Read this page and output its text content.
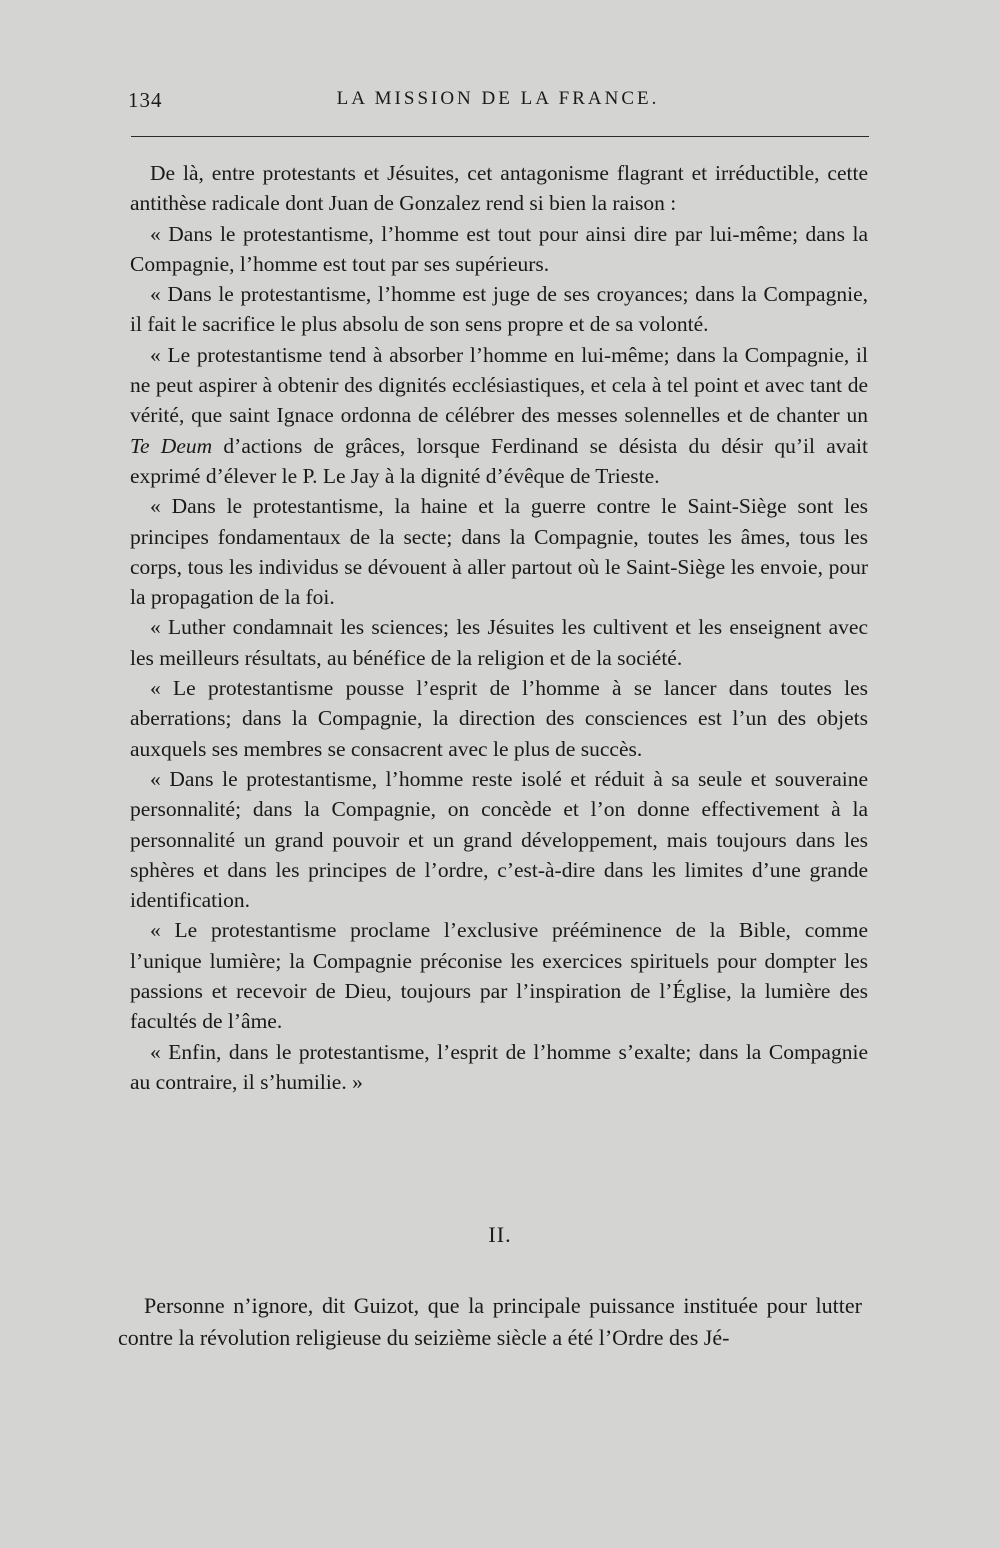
134	LA MISSION DE LA FRANCE.

De là, entre protestants et Jésuites, cet antagonisme flagrant et irréductible, cette antithèse radicale dont Juan de Gonzalez rend si bien la raison :

« Dans le protestantisme, l’homme est tout pour ainsi dire par lui-même; dans la Compagnie, l’homme est tout par ses supérieurs.

« Dans le protestantisme, l’homme est juge de ses croyances; dans la Compagnie, il fait le sacrifice le plus absolu de son sens propre et de sa volonté.

« Le protestantisme tend à absorber l’homme en lui-même; dans la Compagnie, il ne peut aspirer à obtenir des dignités ecclésiastiques, et cela à tel point et avec tant de vérité, que saint Ignace ordonna de célébrer des messes solennelles et de chanter un Te Deum d’actions de grâces, lorsque Ferdinand se désista du désir qu’il avait exprimé d’élever le P. Le Jay à la dignité d’évêque de Trieste.

« Dans le protestantisme, la haine et la guerre contre le Saint-Siège sont les principes fondamentaux de la secte; dans la Compagnie, toutes les âmes, tous les corps, tous les individus se dévouent à aller partout où le Saint-Siège les envoie, pour la propagation de la foi.

« Luther condamnait les sciences; les Jésuites les cultivent et les enseignent avec les meilleurs résultats, au bénéfice de la religion et de la société.

« Le protestantisme pousse l’esprit de l’homme à se lancer dans toutes les aberrations; dans la Compagnie, la direction des consciences est l’un des objets auxquels ses membres se consacrent avec le plus de succès.

« Dans le protestantisme, l’homme reste isolé et réduit à sa seule et souveraine personnalité; dans la Compagnie, on concède et l’on donne effectivement à la personnalité un grand pouvoir et un grand développement, mais toujours dans les sphères et dans les principes de l’ordre, c’est-à-dire dans les limites d’une grande identification.

« Le protestantisme proclame l’exclusive prééminence de la Bible, comme l’unique lumière; la Compagnie préconise les exercices spirituels pour dompter les passions et recevoir de Dieu, toujours par l’inspiration de l’Église, la lumière des facultés de l’âme.

« Enfin, dans le protestantisme, l’esprit de l’homme s’exalte; dans la Compagnie au contraire, il s’humilie. »

II.

Personne n’ignore, dit Guizot, que la principale puissance instituée pour lutter contre la révolution religieuse du seizième siècle a été l’Ordre des Jé-
